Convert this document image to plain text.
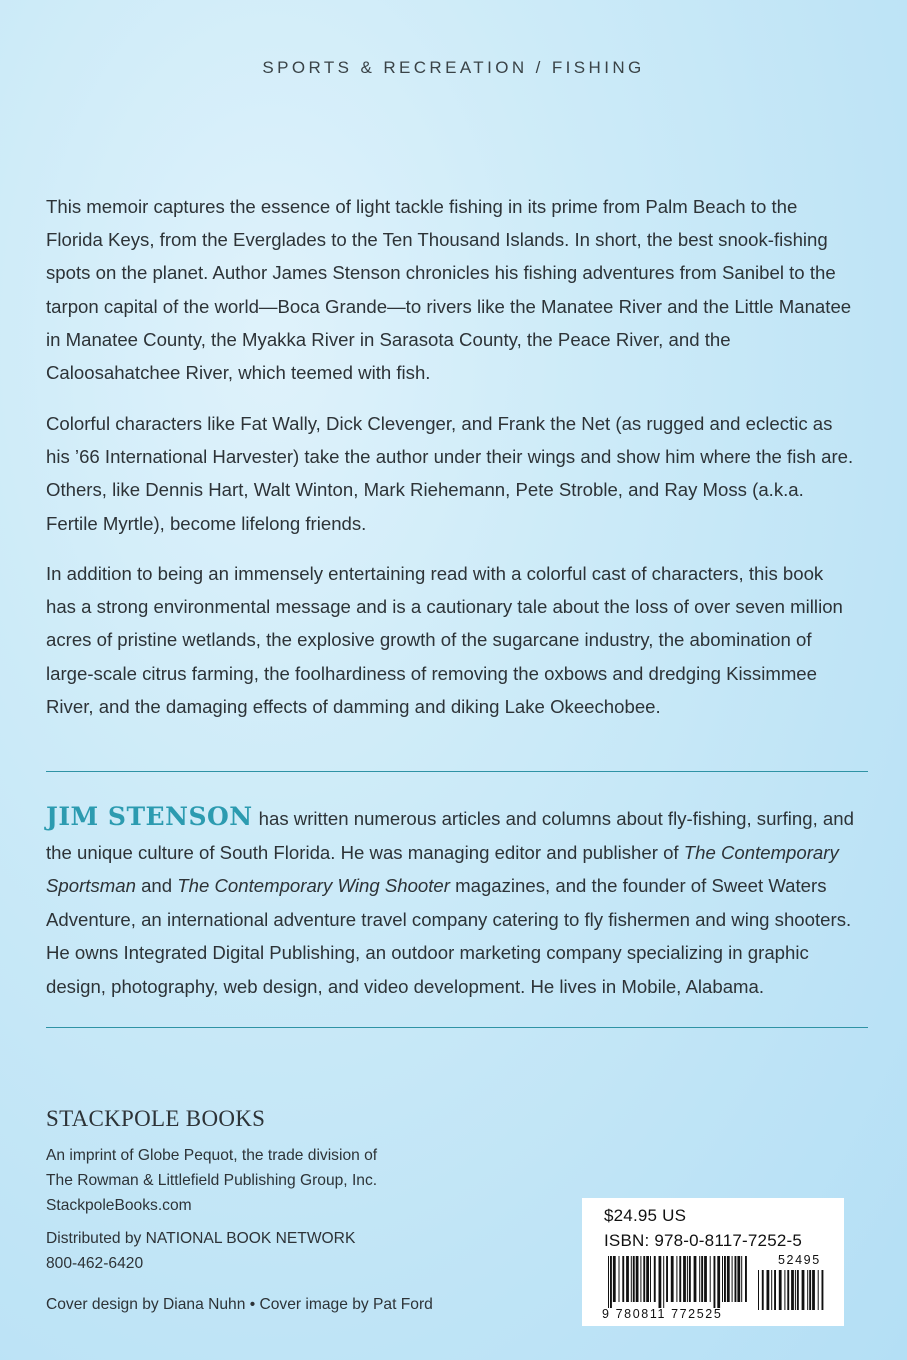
SPORTS & RECREATION / FISHING

This memoir captures the essence of light tackle fishing in its prime from Palm Beach to the Florida Keys, from the Everglades to the Ten Thousand Islands. In short, the best snook-fishing spots on the planet. Author James Stenson chronicles his fishing adventures from Sanibel to the tarpon capital of the world—Boca Grande—to rivers like the Manatee River and the Little Manatee in Manatee County, the Myakka River in Sarasota County, the Peace River, and the Caloosahatchee River, which teemed with fish.

Colorful characters like Fat Wally, Dick Clevenger, and Frank the Net (as rugged and eclectic as his ’66 International Harvester) take the author under their wings and show him where the fish are. Others, like Dennis Hart, Walt Winton, Mark Riehemann, Pete Stroble, and Ray Moss (a.k.a. Fertile Myrtle), become lifelong friends.

In addition to being an immensely entertaining read with a colorful cast of characters, this book has a strong environmental message and is a cautionary tale about the loss of over seven million acres of pristine wetlands, the explosive growth of the sugarcane industry, the abomination of large-scale citrus farming, the foolhardiness of removing the oxbows and dredging Kissimmee River, and the damaging effects of damming and diking Lake Okeechobee.

JIM STENSON has written numerous articles and columns about fly-fishing, surfing, and the unique culture of South Florida. He was managing editor and publisher of The Contemporary Sportsman and The Contemporary Wing Shooter magazines, and the founder of Sweet Waters Adventure, an international adventure travel company catering to fly fishermen and wing shooters. He owns Integrated Digital Publishing, an outdoor marketing company specializing in graphic design, photography, web design, and video development. He lives in Mobile, Alabama.
STACKPOLE BOOKS
An imprint of Globe Pequot, the trade division of
The Rowman & Littlefield Publishing Group, Inc.
StackpoleBooks.com
Distributed by NATIONAL BOOK NETWORK
800-462-6420
Cover design by Diana Nuhn • Cover image by Pat Ford
9 780811 772525
52495
$24.95 US
ISBN: 978-0-8117-7252-5
